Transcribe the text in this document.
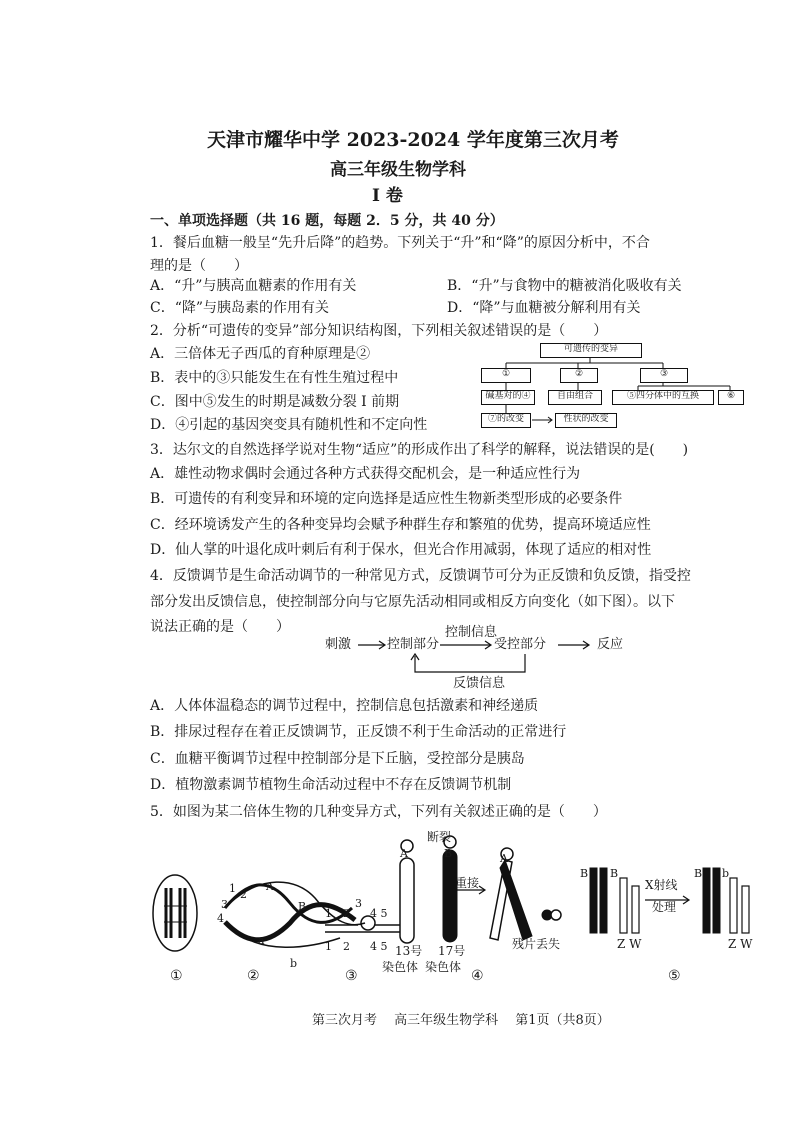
天津市耀华中学 2023-2024 学年度第三次月考
高三年级生物学科
I 卷
一、单项选择题（共 16 题，每题 2．5 分，共 40 分）
1．餐后血糖一般呈“先升后降”的趋势。下列关于“升”和“降”的原因分析中，不合
理的是（　　）
A．“升”与胰高血糖素的作用有关	B．“升”与食物中的糖被消化吸收有关
C．“降”与胰岛素的作用有关	D．“降”与血糖被分解利用有关
2．分析“可遗传的变异”部分知识结构图，下列相关叙述错误的是（　　）
A．三倍体无子西瓜的育种原理是②
B．表中的③只能发生在有性生殖过程中
C．图中⑤发生的时期是减数分裂 I 前期
D．④引起的基因突变具有随机性和不定向性
可遗传的变异
①	②	③
碱基对的④	自由组合	⑤四分体中的互换	⑥
⑦的改变	性状的改变
3．达尔文的自然选择学说对生物“适应”的形成作出了科学的解释，说法错误的是(　　)
A．雄性动物求偶时会通过各种方式获得交配机会，是一种适应性行为
B．可遗传的有利变异和环境的定向选择是适应性生物新类型形成的必要条件
C．经环境诱发产生的各种变异均会赋予种群生存和繁殖的优势，提高环境适应性
D．仙人掌的叶退化成叶刺后有利于保水，但光合作用减弱，体现了适应的相对性
4．反馈调节是生命活动调节的一种常见方式，反馈调节可分为正反馈和负反馈，指受控
部分发出反馈信息，使控制部分向与它原先活动相同或相反方向变化（如下图）。以下
说法正确的是（　　）
刺激	控制部分
控制信息
受控部分	反应
反馈信息
A．人体体温稳态的调节过程中，控制信息包括激素和神经递质
B．排尿过程存在着正反馈调节，正反馈不利于生命活动的正常进行
C．血糖平衡调节过程中控制部分是下丘脑，受控部分是胰岛
D．植物激素调节植物生命活动过程中不存在反馈调节机制
5．如图为某二倍体生物的几种变异方式，下列有关叙述正确的是（　　）
断裂
A	B	A
重接
残片丢失
13号
染色体
17号
染色体
1 2
3
4
A
B
a
b
1 2
3
4 5
1 2 4 5
B B
X射线
处理
B b
Z W	Z W
①	②	③	④	⑤
第三次月考　 高三年级生物学科　 第1页（共8页）
